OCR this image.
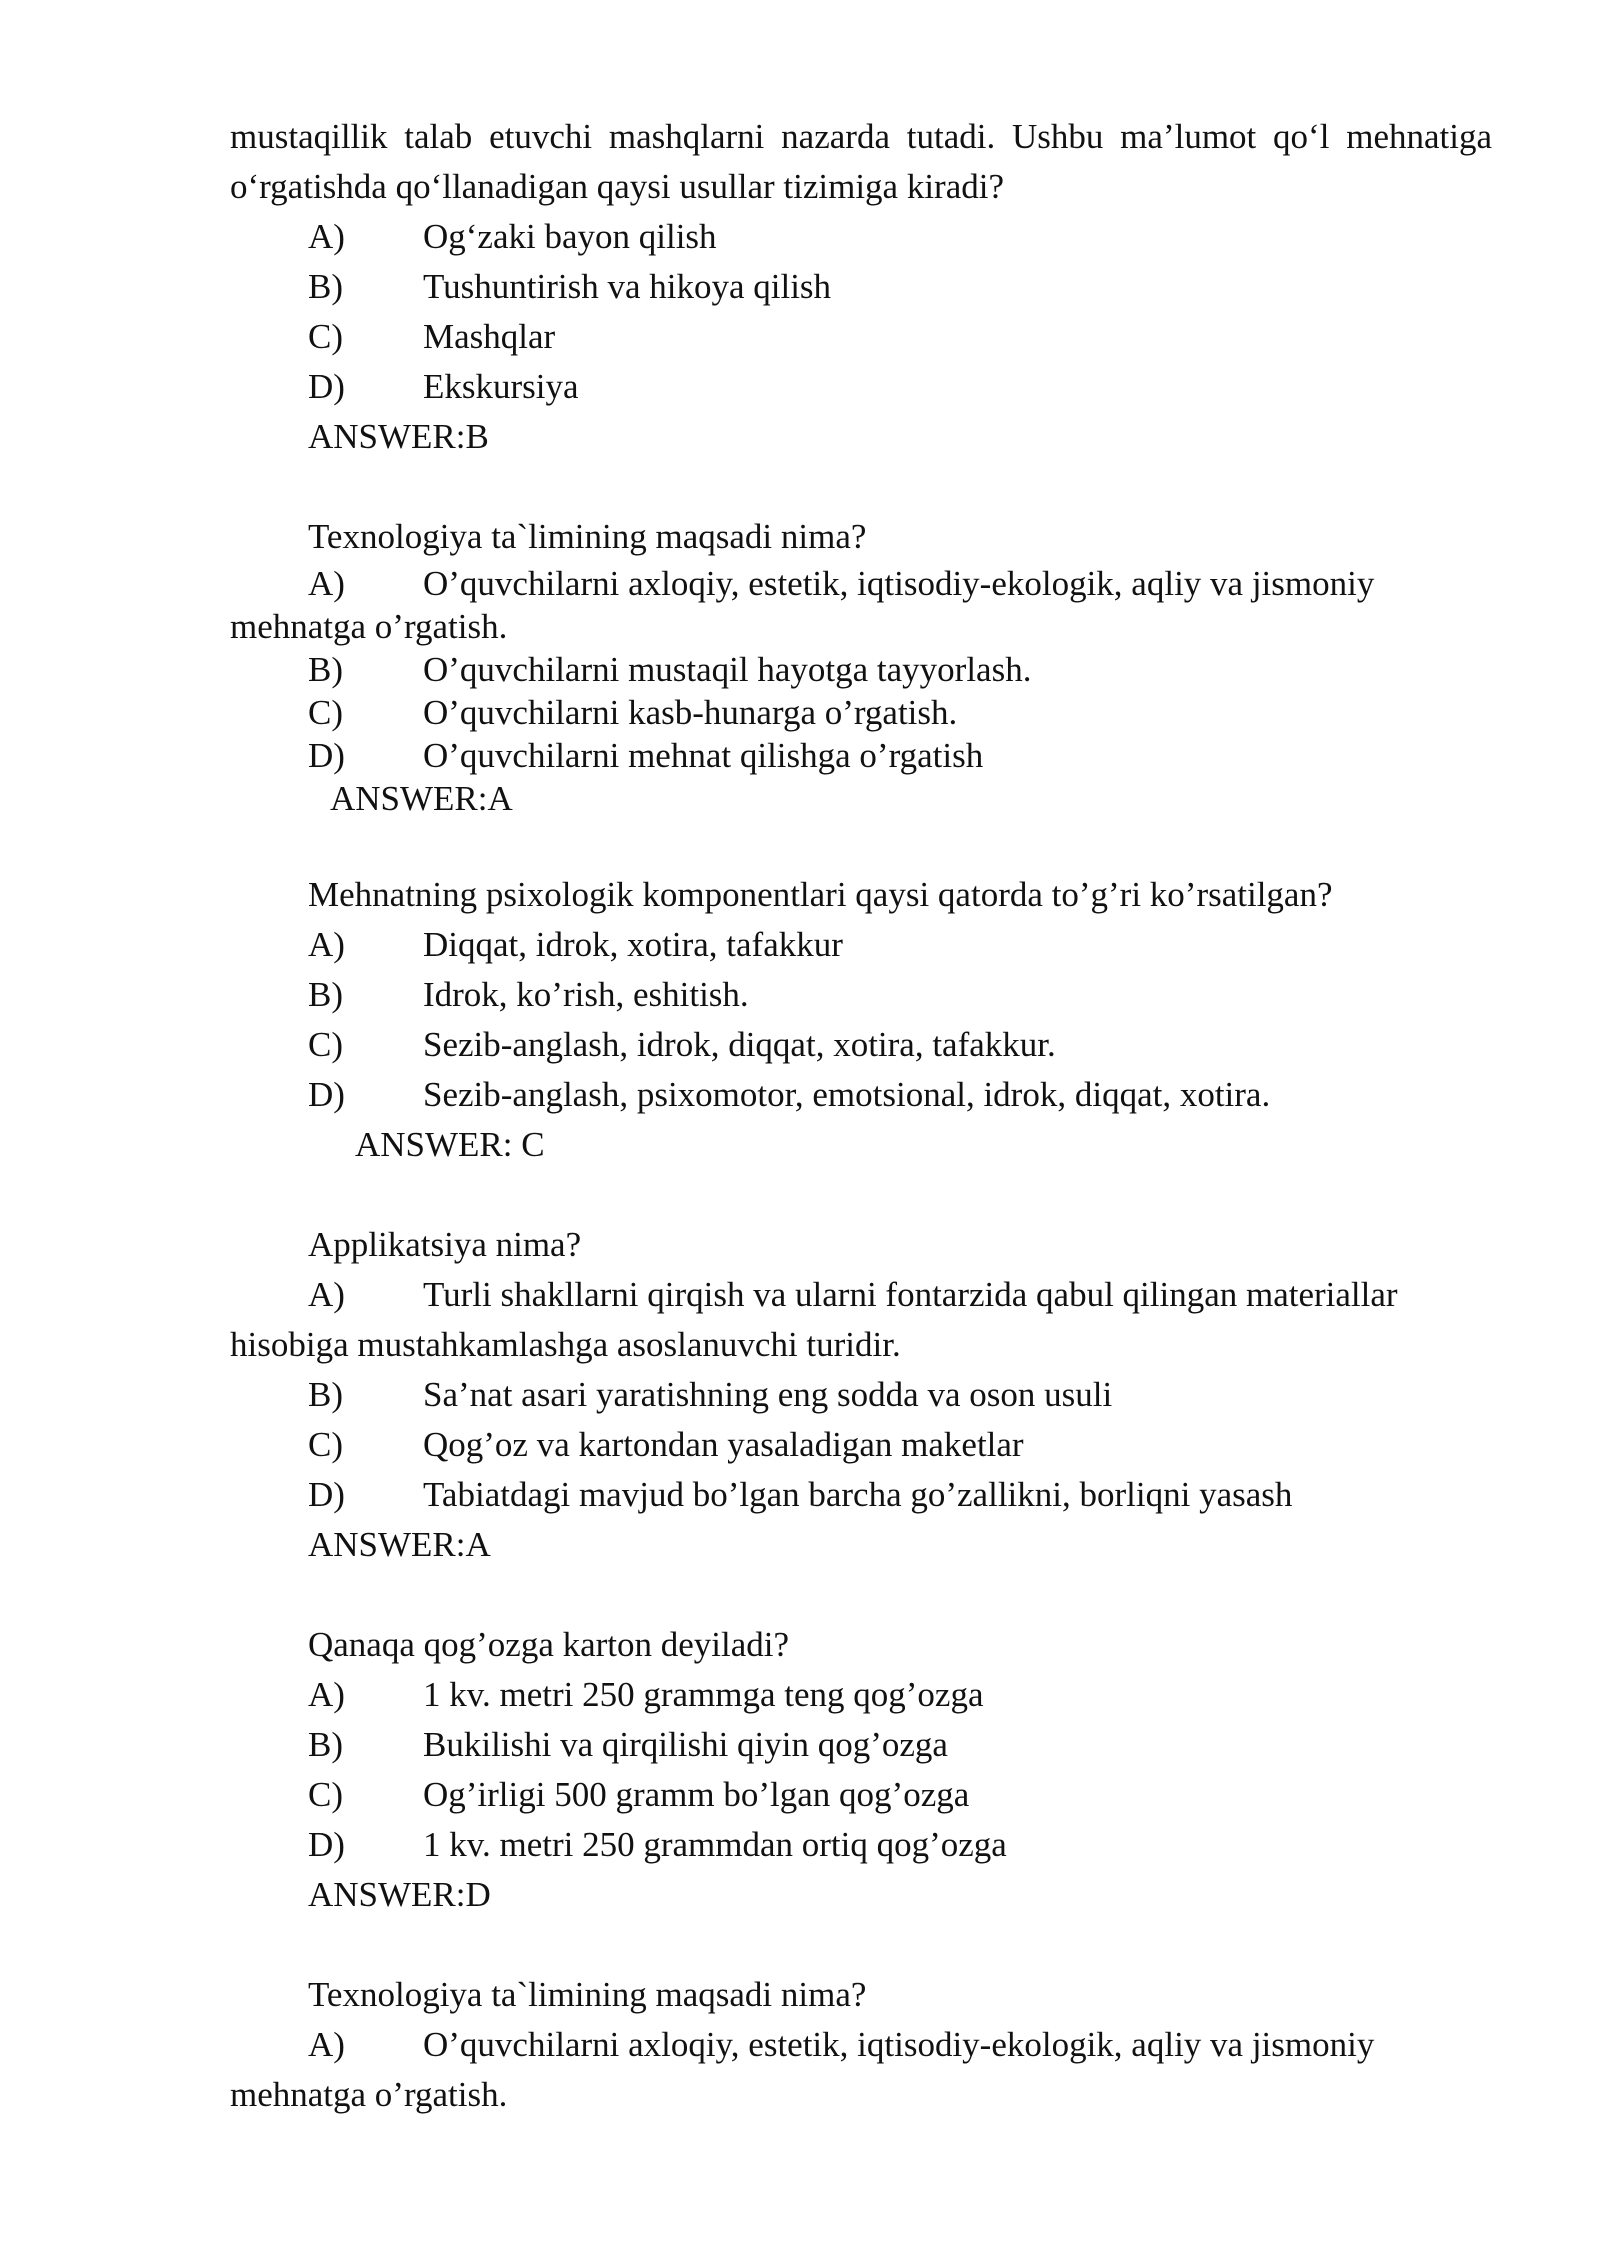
mustaqillik talab etuvchi mashqlarni nazarda tutadi. Ushbu ma’lumot qo‘l mehnatiga o‘rgatishda qo‘llanadigan qaysi usullar tizimiga kiradi?

A) Og‘zaki bayon qilish

B) Tushuntirish va hikoya qilish

C) Mashqlar

D) Ekskursiya

ANSWER:B

Texnologiya ta`limining maqsadi nima?

A) O’quvchilarni axloqiy, estetik, iqtisodiy-ekologik, aqliy va jismoniy

mehnatga o’rgatish.

B) O’quvchilarni mustaqil hayotga tayyorlash.

C) O’quvchilarni kasb-hunarga o’rgatish.

D) O’quvchilarni mehnat qilishga o’rgatish

ANSWER:A

Mehnatning psixologik komponentlari qaysi qatorda to’g’ri ko’rsatilgan?

A) Diqqat, idrok, xotira, tafakkur

B) Idrok, ko’rish, eshitish.

C) Sezib-anglash, idrok, diqqat, xotira, tafakkur.

D) Sezib-anglash, psixomotor, emotsional, idrok, diqqat, xotira.

ANSWER: C

Applikatsiya nima?

A) Turli shakllarni qirqish va ularni fontarzida qabul qilingan materiallar

hisobiga mustahkamlashga asoslanuvchi turidir.

B) Sa’nat asari yaratishning eng sodda va oson usuli

C) Qog’oz va kartondan yasaladigan maketlar

D) Tabiatdagi mavjud bo’lgan barcha go’zallikni, borliqni yasash

ANSWER:A

Qanaqa qog’ozga karton deyiladi?

A) 1 kv. metri 250 grammga teng qog’ozga

B) Bukilishi va qirqilishi qiyin qog’ozga

C) Og’irligi 500 gramm bo’lgan qog’ozga

D) 1 kv. metri 250 grammdan ortiq qog’ozga

ANSWER:D

Texnologiya ta`limining maqsadi nima?

A) O’quvchilarni axloqiy, estetik, iqtisodiy-ekologik, aqliy va jismoniy

mehnatga o’rgatish.
